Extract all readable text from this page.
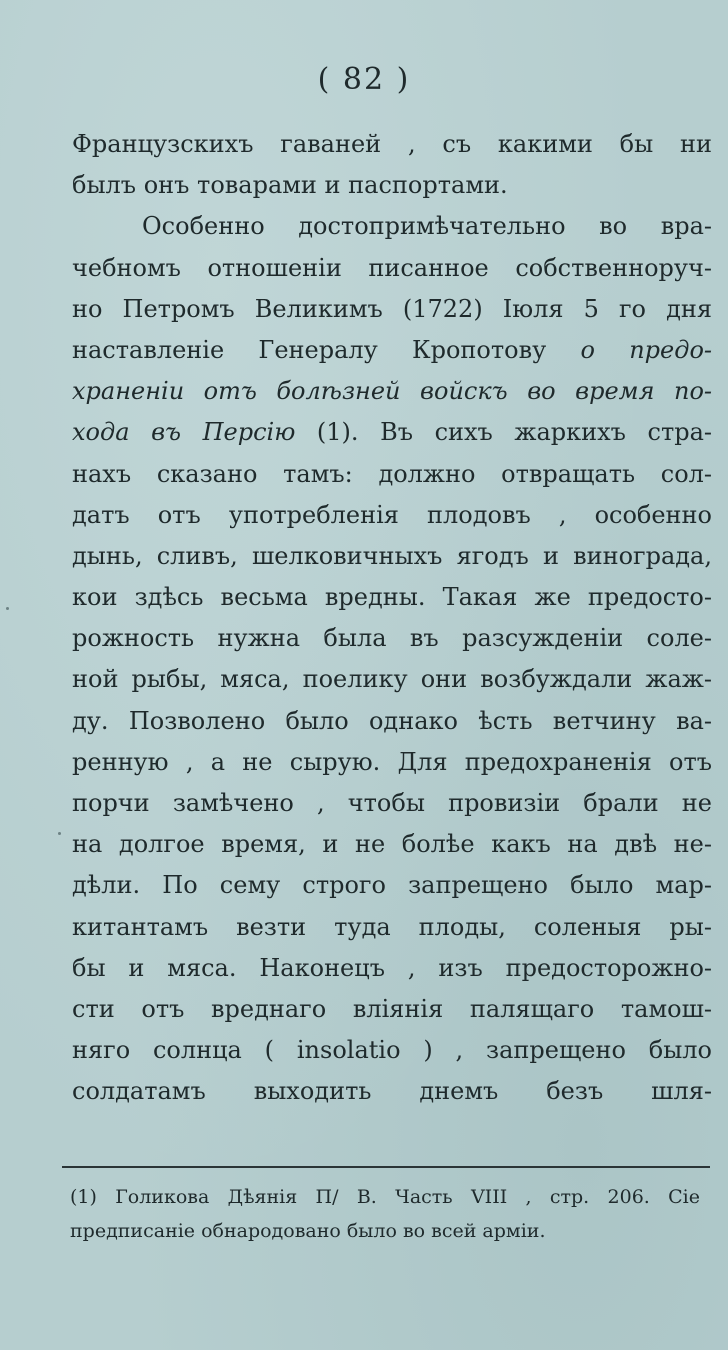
( 82 )
Французскихъ гаваней , съ какими бы ни
былъ онъ товарами и паспортами.
Особенно достопримѣчательно во вра-
чебномъ отношеніи писанное собственноруч-
но Петромъ Великимъ (1722) Іюля 5 го дня
наставленіе Генералу Кропотову о предо-
храненіи отъ болѣзней войскъ во время по-
хода въ Персію (1). Въ сихъ жаркихъ стра-
нахъ сказано тамъ: должно отвращать сол-
датъ отъ употребленія плодовъ , особенно
дынь, сливъ, шелковичныхъ ягодъ и винограда,
кои здѣсь весьма вредны. Такая же предосто-
рожность нужна была въ разсужденіи соле-
ной рыбы, мяса, поелику они возбуждали жаж-
ду. Позволено было однако ѣсть ветчину ва-
ренную , а не сырую. Для предохраненія отъ
порчи замѣчено , чтобы провизіи брали не
на долгое время, и не болѣе какъ на двѣ не-
дѣли. По сему строго запрещено было мар-
китантамъ везти туда плоды, соленыя ры-
бы и мяса. Наконецъ , изъ предосторожно-
сти отъ вреднаго вліянія палящаго тамош-
няго солнца ( insolatio ) , запрещено было
солдатамъ выходить днемъ безъ шля-
(1) Голикова Дѣянія П/ В. Часть VIII , стр. 206. Сіе
предписаніе обнародовано было во всей арміи.
